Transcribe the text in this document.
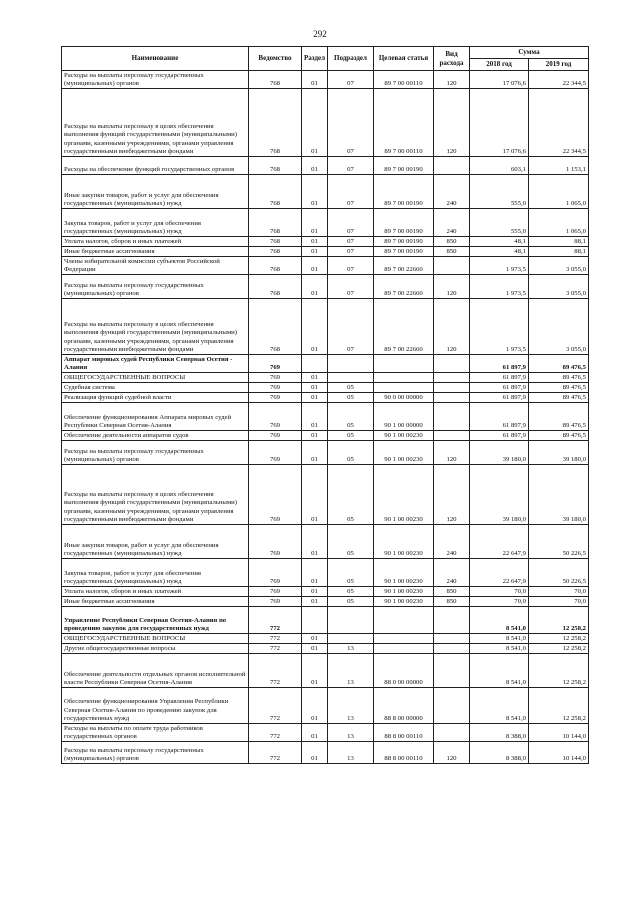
292
Наименование	Ведомство	Раздел	Подраздел	Целевая статья	Вид расхода	Сумма	
						2018 год	2019 год
Расходы на выплаты персоналу государственных (муниципальных) органов	768	01	07	89 7 00 00110	120	17 076,6	22 344,5
Расходы на выплаты персоналу в целях обеспечения выполнения функций государственными (муниципальными) органами, казенными учреждениями, органами управления государственными внебюджетными фондами	768	01	07	89 7 00 00110	120	17 076,6	22 344,5
Расходы на обеспечение функций государственных органов	768	01	07	89 7 00 00190		603,1	1 153,1
Иные закупки товаров, работ и услуг для обеспечения государственных (муниципальных) нужд	768	01	07	89 7 00 00190	240	555,0	1 065,0
Закупка товаров, работ и услуг для обеспечения государственных (муниципальных) нужд	768	01	07	89 7 00 00190	240	555,0	1 065,0
Уплата налогов, сборов и иных платежей	768	01	07	89 7 00 00190	850	48,1	88,1
Иные бюджетные ассигнования	768	01	07	89 7 00 00190	850	48,1	88,1
Члены избирательной комиссии субъектов Российской Федерации	768	01	07	89 7 00 22660		1 973,5	3 055,0
Расходы на выплаты персоналу государственных (муниципальных) органов	768	01	07	89 7 00 22660	120	1 973,5	3 055,0
Расходы на выплаты персоналу в целях обеспечения выполнения функций государственными (муниципальными) органами, казенными учреждениями, органами управления государственными внебюджетными фондами	768	01	07	89 7 00 22660	120	1 973,5	3 055,0
Аппарат мировых судей Республики Северная Осетия - Алания	769					61 897,9	89 476,5
ОБЩЕГОСУДАРСТВЕННЫЕ ВОПРОСЫ	769	01				61 897,9	89 476,5
Судебная система	769	01	05			61 897,9	89 476,5
Реализация функций судебной власти	769	01	05	90 0 00 00000		61 897,9	89 476,5
Обеспечение функционирования Аппарата мировых судей Республики Северная Осетия-Алания	769	01	05	90 1 00 00000		61 897,9	89 476,5
Обеспечение деятельности аппаратов судов	769	01	05	90 1 00 00230		61 897,9	89 476,5
Расходы на выплаты персоналу государственных (муниципальных) органов	769	01	05	90 1 00 00230	120	39 180,0	39 180,0
Расходы на выплаты персоналу в целях обеспечения выполнения функций государственными (муниципальными) органами, казенными учреждениями, органами управления государственными внебюджетными фондами	769	01	05	90 1 00 00230	120	39 180,0	39 180,0
Иные закупки товаров, работ и услуг для обеспечения государственных (муниципальных) нужд	769	01	05	90 1 00 00230	240	22 647,9	50 226,5
Закупка товаров, работ и услуг для обеспечения государственных (муниципальных) нужд	769	01	05	90 1 00 00230	240	22 647,9	50 226,5
Уплата налогов, сборов и иных платежей	769	01	05	90 1 00 00230	850	70,0	70,0
Иные бюджетные ассигнования	769	01	05	90 1 00 00230	850	70,0	70,0
Управление Республики Северная Осетия-Алания по проведению закупок для государственных нужд	772					8 541,0	12 258,2
ОБЩЕГОСУДАРСТВЕННЫЕ ВОПРОСЫ	772	01				8 541,0	12 258,2
Другие общегосударственные вопросы	772	01	13			8 541,0	12 258,2
Обеспечение деятельности отдельных органов исполнительной власти Республики Северная Осетия-Алания	772	01	13	88 0 00 00000		8 541,0	12 258,2
Обеспечение функционирования Управления Республики Северная Осетия-Алания по проведению закупок для государственных нужд	772	01	13	88 8 00 00000		8 541,0	12 258,2
Расходы на выплаты по оплате труда работников государственных органов	772	01	13	88 8 00 00110		8 388,0	10 144,0
Расходы на выплаты персоналу государственных (муниципальных) органов	772	01	13	88 8 00 00110	120	8 388,0	10 144,0
